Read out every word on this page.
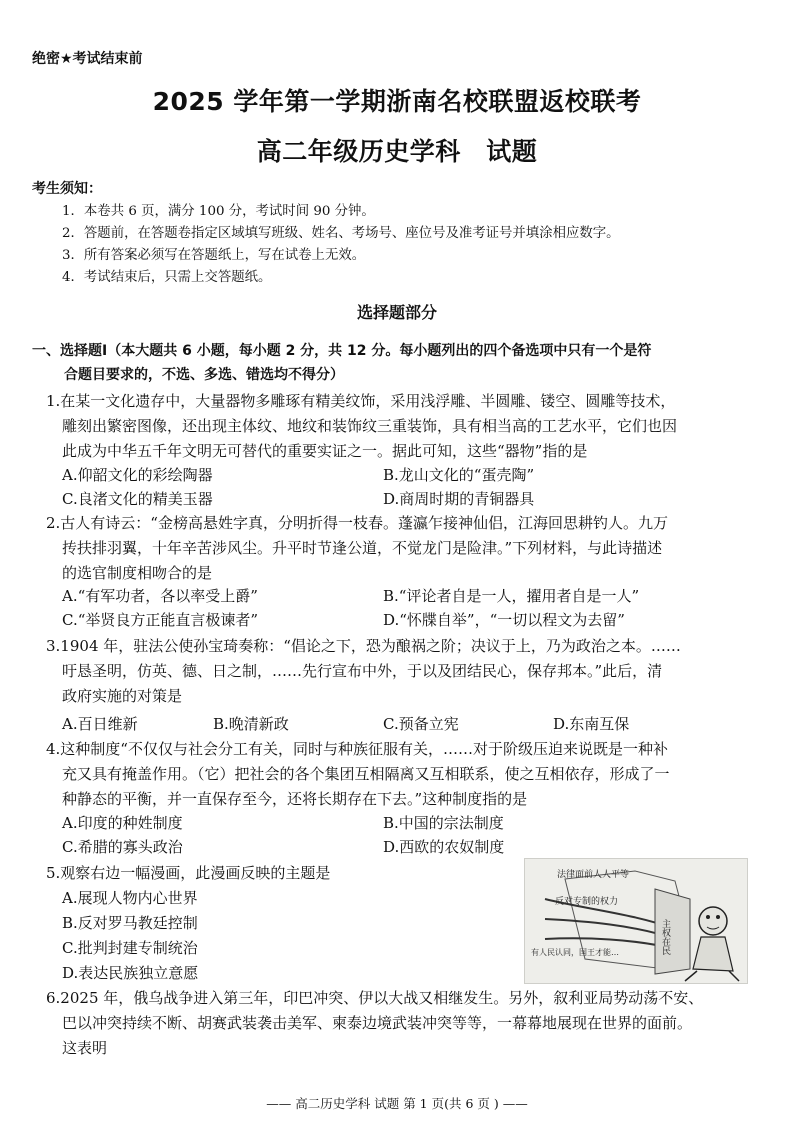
绝密★考试结束前
2025 学年第一学期浙南名校联盟返校联考
高二年级历史学科　试题
考生须知：
1．本卷共 6 页，满分 100 分，考试时间 90 分钟。
2．答题前，在答题卷指定区域填写班级、姓名、考场号、座位号及准考证号并填涂相应数字。
3．所有答案必须写在答题纸上，写在试卷上无效。
4．考试结束后，只需上交答题纸。
选择题部分
一、选择题Ⅰ（本大题共 6 小题，每小题 2 分，共 12 分。每小题列出的四个备选项中只有一个是符
合题目要求的，不选、多选、错选均不得分）
1.在某一文化遗存中，大量器物多雕琢有精美纹饰，采用浅浮雕、半圆雕、镂空、圆雕等技术，
雕刻出繁密图像，还出现主体纹、地纹和装饰纹三重装饰，具有相当高的工艺水平，它们也因
此成为中华五千年文明无可替代的重要实证之一。据此可知，这些“器物”指的是
A.仰韶文化的彩绘陶器	B.龙山文化的“蛋壳陶”
C.良渚文化的精美玉器	D.商周时期的青铜器具
2.古人有诗云：“金榜高悬姓字真，分明折得一枝春。蓬瀛乍接神仙侣，江海回思耕钓人。九万
抟扶排羽翼，十年辛苦涉风尘。升平时节逢公道，不觉龙门是险津。”下列材料，与此诗描述
的选官制度相吻合的是
A.“有军功者，各以率受上爵”	B.“评论者自是一人，擢用者自是一人”
C.“举贤良方正能直言极谏者”	D.“怀牒自举”，“一切以程文为去留”
3.1904 年，驻法公使孙宝琦奏称：“倡论之下，恐为酿祸之阶；决议于上，乃为政治之本。……
吁恳圣明，仿英、德、日之制，……先行宣布中外，于以及团结民心，保存邦本。”此后，清
政府实施的对策是
A.百日维新	B.晚清新政	C.预备立宪	D.东南互保
4.这种制度“不仅仅与社会分工有关，同时与种族征服有关，……对于阶级压迫来说既是一种补
充又具有掩盖作用。（它）把社会的各个集团互相隔离又互相联系，使之互相依存，形成了一
种静态的平衡，并一直保存至今，还将长期存在下去。”这种制度指的是
A.印度的种姓制度	B.中国的宗法制度
C.希腊的寡头政治	D.西欧的农奴制度
5.观察右边一幅漫画，此漫画反映的主题是
A.展现人物内心世界
B.反对罗马教廷控制
C.批判封建专制统治
D.表达民族独立意愿
法律面前人人平等
反对专制的权力
有人民认同，国王才能…	主权在民
6.2025 年，俄乌战争进入第三年，印巴冲突、伊以大战又相继发生。另外，叙利亚局势动荡不安、
巴以冲突持续不断、胡赛武装袭击美军、柬泰边境武装冲突等等，一幕幕地展现在世界的面前。
这表明
—— 高二历史学科 试题 第 1 页(共 6 页 ) ——
